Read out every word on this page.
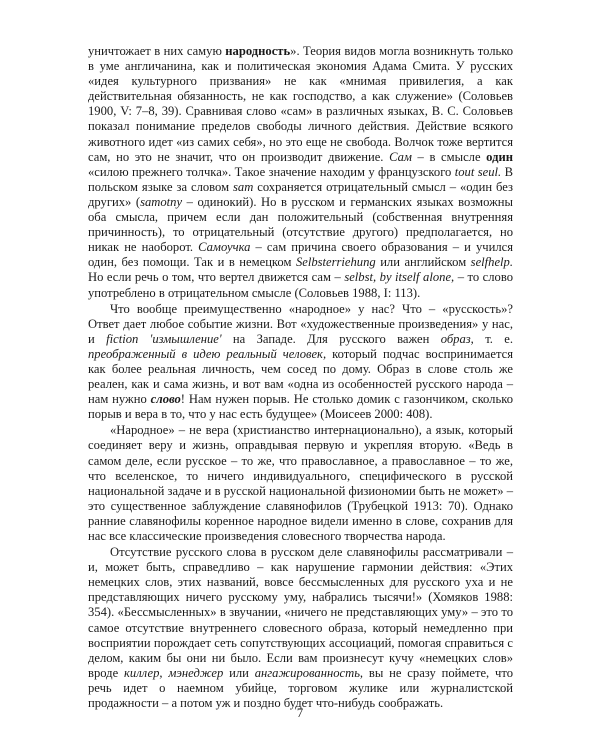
уничтожает в них самую народность». Теория видов могла возникнуть только в уме англичанина, как и политическая экономия Адама Смита. У русских «идея культурного призвания» не как «мнимая привилегия, а как действительная обязанность, не как господство, а как служение» (Соловьев 1900, V: 7–8, 39). Сравнивая слово «сам» в различных языках, В. С. Соловьев показал понимание пределов свободы личного действия. Действие всякого животного идет «из самих себя», но это еще не свобода. Волчок тоже вертится сам, но это не значит, что он производит движение. Сам – в смысле один «силою прежнего толчка». Такое значение находим у французского tout seul. В польском языке за словом sam сохраняется отрицательный смысл – «один без других» (samotny – одинокий). Но в русском и германских языках возможны оба смысла, причем если дан положительный (собственная внутренняя причинность), то отрицательный (отсутствие другого) предполагается, но никак не наоборот. Самоучка – сам причина своего образования – и учился один, без помощи. Так и в немецком Selbsterriehung или английском selfhelp. Но если речь о том, что вертел движется сам – selbst, by itself alone, – то слово употреблено в отрицательном смысле (Соловьев 1988, I: 113).

Что вообще преимущественно «народное» у нас? Что – «русскость»? Ответ дает любое событие жизни. Вот «художественные произведения» у нас, и fiction 'измышление' на Западе. Для русского важен образ, т. е. преображенный в идею реальный человек, который подчас воспринимается как более реальная личность, чем сосед по дому. Образ в слове столь же реален, как и сама жизнь, и вот вам «одна из особенностей русского народа – нам нужно слово! Нам нужен порыв. Не столько домик с газончиком, сколько порыв и вера в то, что у нас есть будущее» (Моисеев 2000: 408).

«Народное» – не вера (христианство интернационально), а язык, который соединяет веру и жизнь, оправдывая первую и укрепляя вторую. «Ведь в самом деле, если русское – то же, что православное, а православное – то же, что вселенское, то ничего индивидуального, специфического в русской национальной задаче и в русской национальной физиономии быть не может» – это существенное заблуждение славянофилов (Трубецкой 1913: 70). Однако ранние славянофилы коренное народное видели именно в слове, сохранив для нас все классические произведения словесного творчества народа.

Отсутствие русского слова в русском деле славянофилы рассматривали – и, может быть, справедливо – как нарушение гармонии действия: «Этих немецких слов, этих названий, вовсе бессмысленных для русского уха и не представляющих ничего русскому уму, набрались тысячи!» (Хомяков 1988: 354). «Бессмысленных» в звучании, «ничего не представляющих уму» – это то самое отсутствие внутреннего словесного образа, который немедленно при восприятии порождает сеть сопутствующих ассоциаций, помогая справиться с делом, каким бы они ни было. Если вам произнесут кучу «немецких слов» вроде киллер, мэнеджер или ангажированность, вы не сразу поймете, что речь идет о наемном убийце, торговом жулике или журналистской продажности – а потом уж и поздно будет что-нибудь соображать.

7
